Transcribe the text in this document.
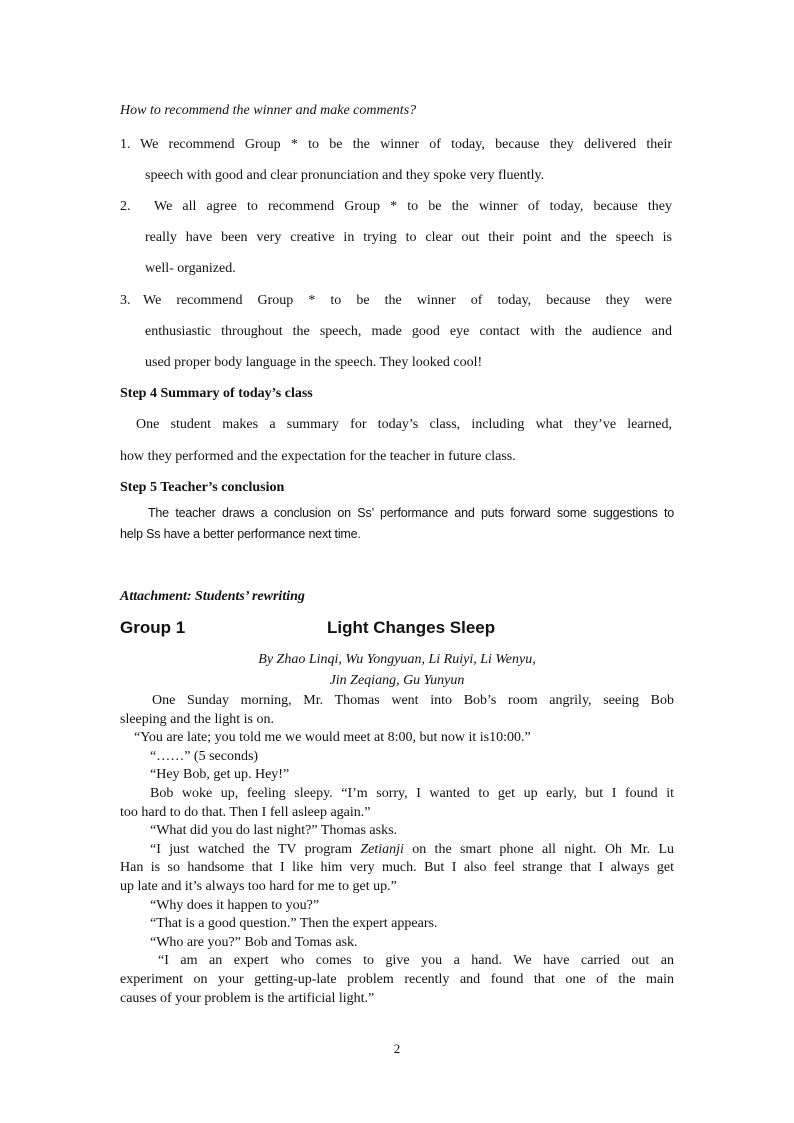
How to recommend the winner and make comments?
1. We recommend Group * to be the winner of today, because they delivered their
speech with good and clear pronunciation and they spoke very fluently.
2. We all agree to recommend Group * to be the winner of today, because they
really have been very creative in trying to clear out their point and the speech is
well- organized.
3. We recommend Group * to be the winner of today, because they were
enthusiastic throughout the speech, made good eye contact with the audience and
used proper body language in the speech. They looked cool!
Step 4 Summary of today’s class
One student makes a summary for today’s class, including what they’ve learned,
how they performed and the expectation for the teacher in future class.
Step 5 Teacher’s conclusion
The teacher draws a conclusion on Ss’ performance and puts forward some suggestions to
help Ss have a better performance next time.
Attachment: Students’ rewriting
Group 1	Light Changes Sleep
By Zhao Linqi, Wu Yongyuan, Li Ruiyi, Li Wenyu,
Jin Zeqiang, Gu Yunyun
One Sunday morning, Mr. Thomas went into Bob’s room angrily, seeing Bob
sleeping and the light is on.
“You are late; you told me we would meet at 8:00, but now it is10:00.”
“……” (5 seconds)
“Hey Bob, get up. Hey!”
Bob woke up, feeling sleepy. “I’m sorry, I wanted to get up early, but I found it
too hard to do that. Then I fell asleep again.”
“What did you do last night?” Thomas asks.
“I just watched the TV program Zetianji on the smart phone all night. Oh Mr. Lu
Han is so handsome that I like him very much. But I also feel strange that I always get
up late and it’s always too hard for me to get up.”
“Why does it happen to you?”
“That is a good question.” Then the expert appears.
“Who are you?” Bob and Tomas ask.
“I am an expert who comes to give you a hand. We have carried out an
experiment on your getting-up-late problem recently and found that one of the main
causes of your problem is the artificial light.”
2
